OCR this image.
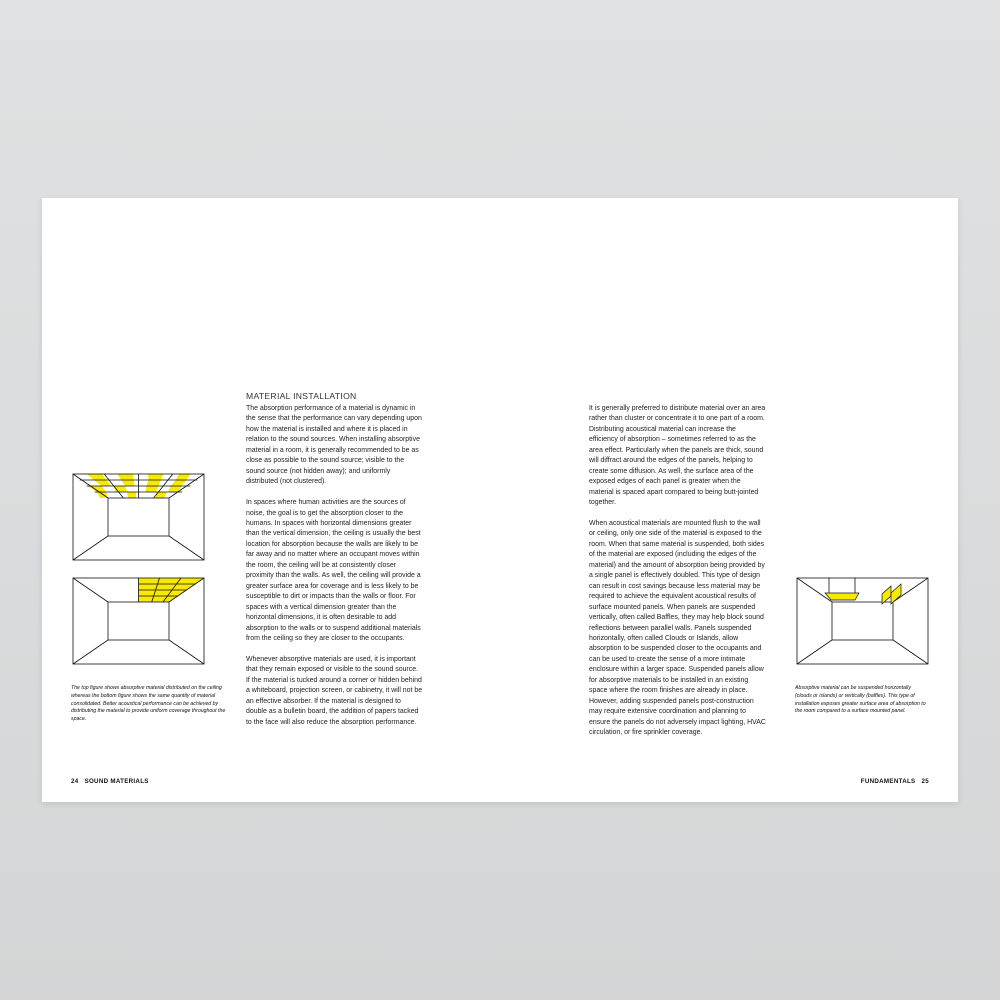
The top figure shows absorptive material distributed on the ceiling whereas the bottom figure shows the same quantity of material consolidated. Better acoustical performance can be achieved by distributing the material to provide uniform coverage throughout the space.
MATERIAL INSTALLATION

The absorption performance of a material is dynamic in the sense that the performance can vary depending upon how the material is installed and where it is placed in relation to the sound sources. When installing absorptive material in a room, it is generally recommended to be as close as possible to the sound source; visible to the sound source (not hidden away); and uniformly distributed (not clustered).

In spaces where human activities are the sources of noise, the goal is to get the absorption closer to the humans. In spaces with horizontal dimensions greater than the vertical dimension, the ceiling is usually the best location for absorption because the walls are likely to be far away and no matter where an occupant moves within the room, the ceiling will be at consistently closer proximity than the walls. As well, the ceiling will provide a greater surface area for coverage and is less likely to be susceptible to dirt or impacts than the walls or floor. For spaces with a vertical dimension greater than the horizontal dimensions, it is often desirable to add absorption to the walls or to suspend additional materials from the ceiling so they are closer to the occupants.

Whenever absorptive materials are used, it is important that they remain exposed or visible to the sound source. If the material is tucked around a corner or hidden behind a whiteboard, projection screen, or cabinetry, it will not be an effective absorber. If the material is designed to double as a bulletin board, the addition of papers tacked to the face will also reduce the absorption performance.

It is generally preferred to distribute material over an area rather than cluster or concentrate it to one part of a room. Distributing acoustical material can increase the efficiency of absorption – sometimes referred to as the area effect. Particularly when the panels are thick, sound will diffract around the edges of the panels, helping to create some diffusion. As well, the surface area of the exposed edges of each panel is greater when the material is spaced apart compared to being butt-jointed together.

When acoustical materials are mounted flush to the wall or ceiling, only one side of the material is exposed to the room. When that same material is suspended, both sides of the material are exposed (including the edges of the material) and the amount of absorption being provided by a single panel is effectively doubled. This type of design can result in cost savings because less material may be required to achieve the equivalent acoustical results of surface mounted panels. When panels are suspended vertically, often called Baffles, they may help block sound reflections between parallel walls. Panels suspended horizontally, often called Clouds or Islands, allow absorption to be suspended closer to the occupants and can be used to create the sense of a more intimate enclosure within a larger space. Suspended panels allow for absorptive materials to be installed in an existing space where the room finishes are already in place. However, adding suspended panels post-construction may require extensive coordination and planning to ensure the panels do not adversely impact lighting, HVAC circulation, or fire sprinkler coverage.

Absorptive material can be suspended horizontally (clouds or islands) or vertically (baffles). This type of installation exposes greater surface area of absorption to the room compared to a surface mounted panel.
24 SOUND MATERIALS	FUNDAMENTALS 25
